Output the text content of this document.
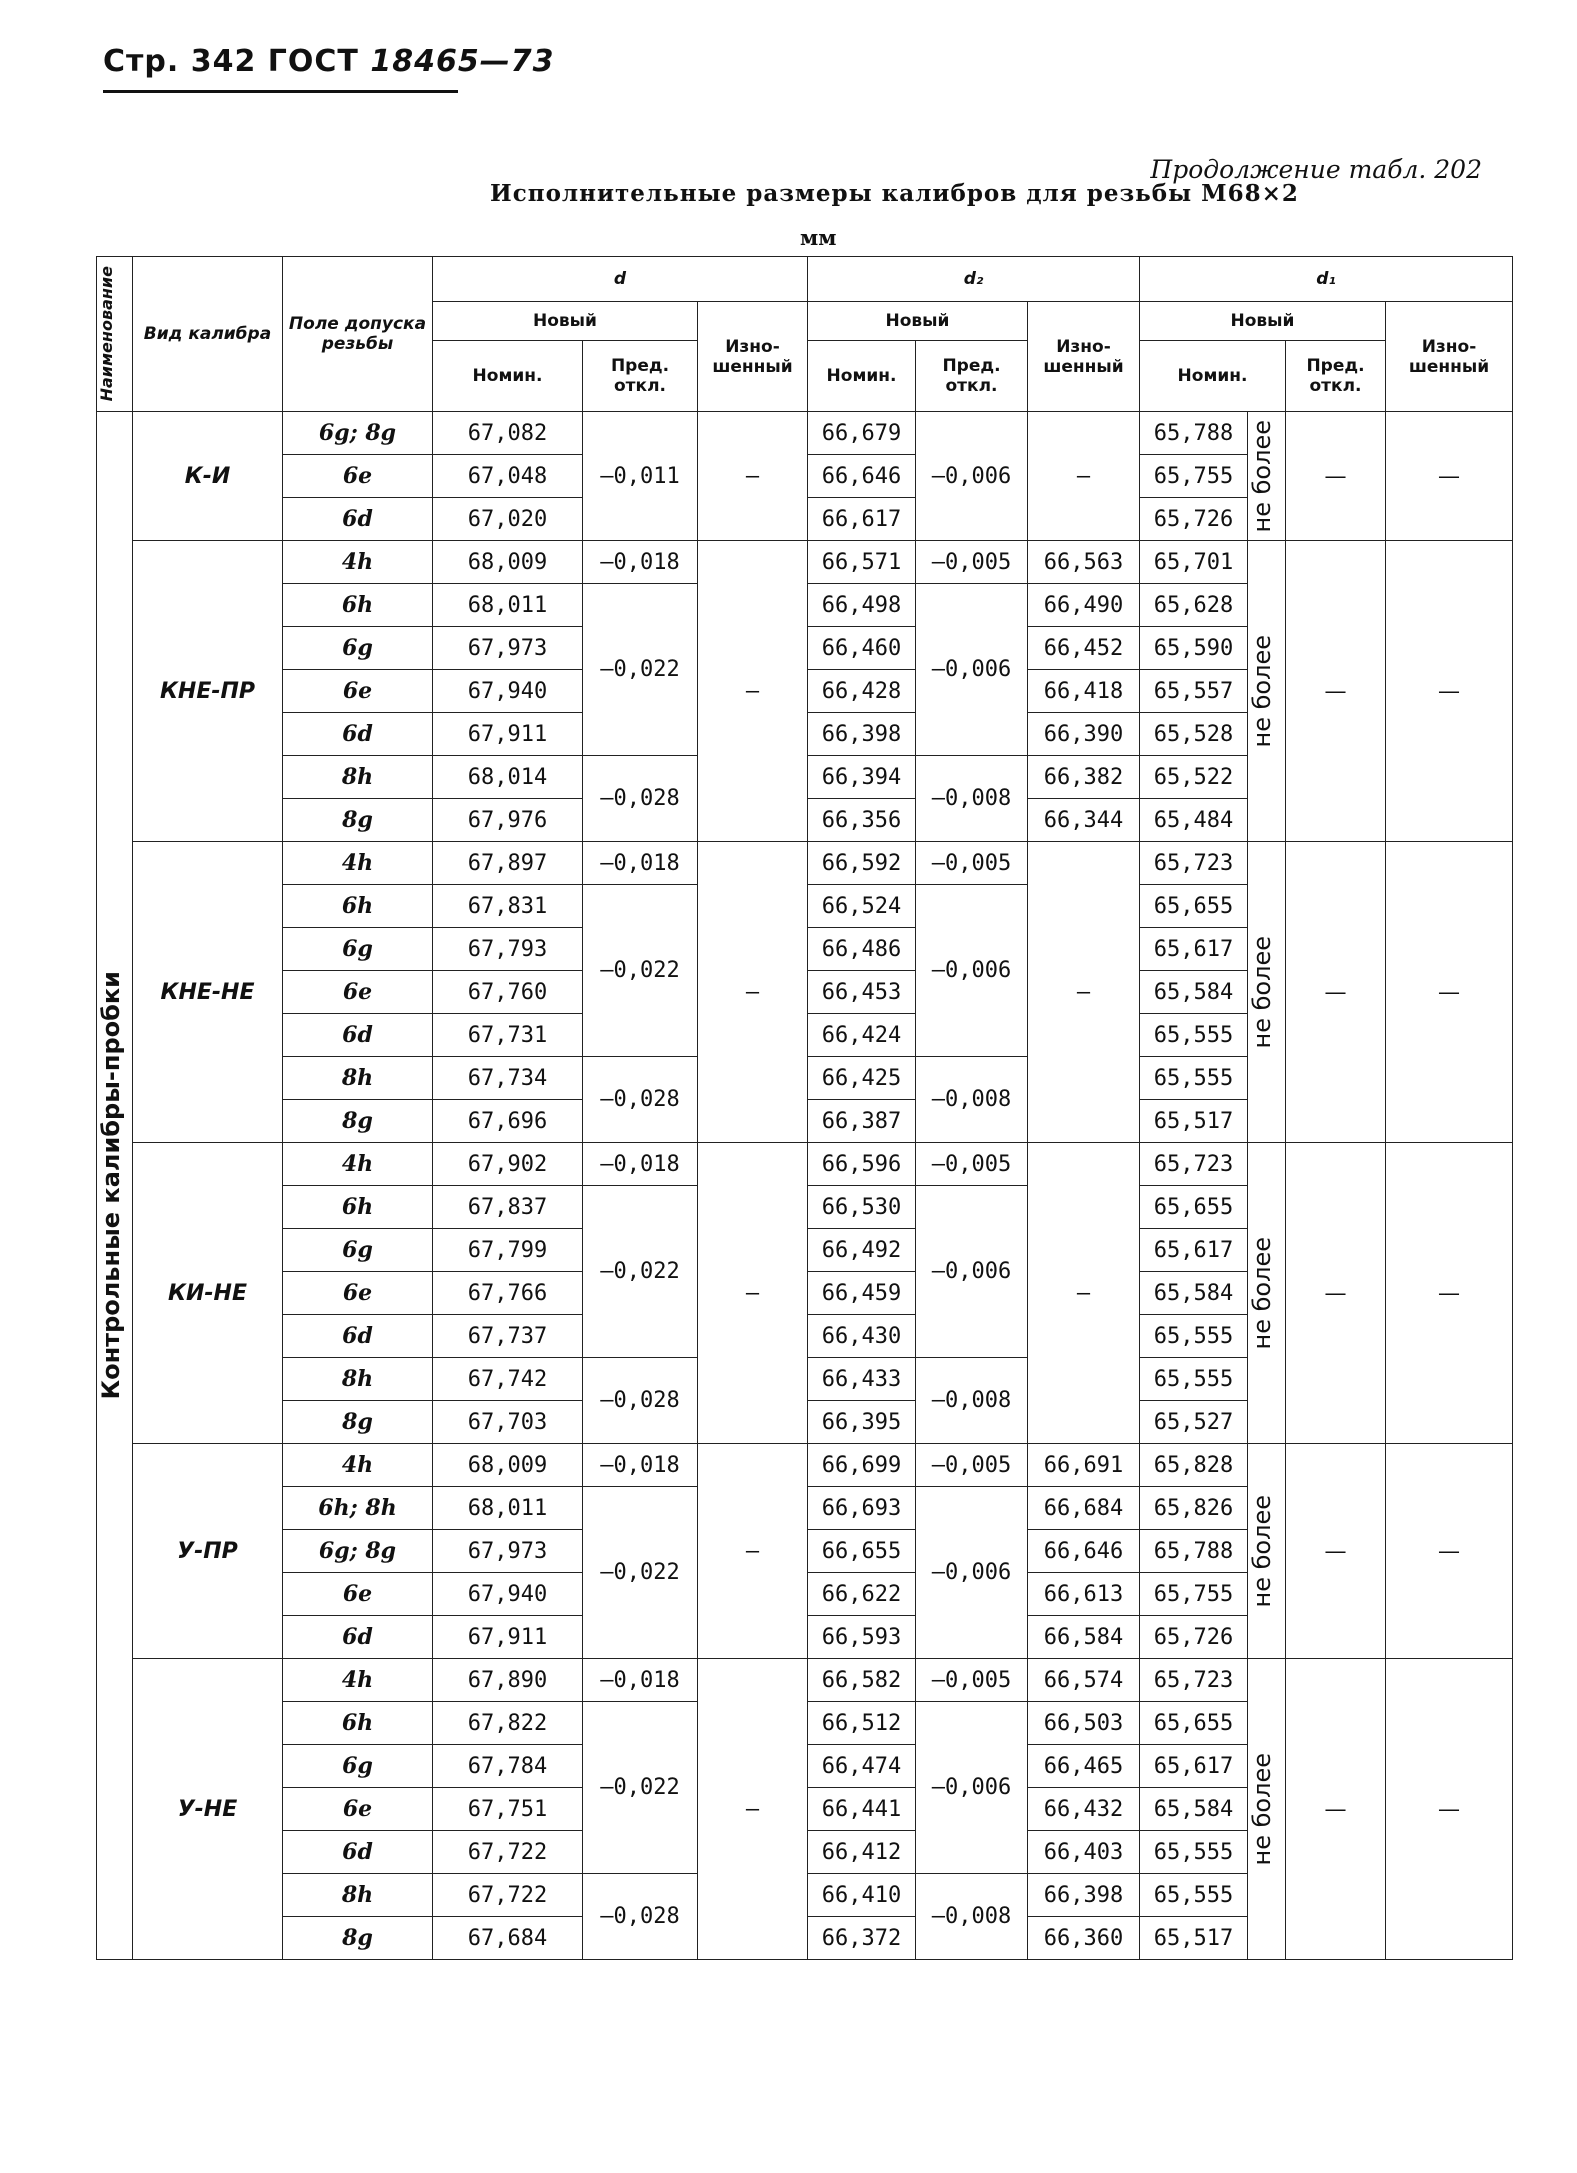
Стр. 342 ГОСТ 18465—73
Продолжение табл. 202
Исполнительные размеры калибров для резьбы М68×2
мм
Наименование	Вид калибра	Поле допуска резьбы	d			d₂			d₁			
			Новый		Изно-шенный	Новый		Изно-шенный	Новый			Изно-шенный
			Номин.	Пред. откл.		Номин.	Пред. откл.		Номин.		Пред. откл.	

Контрольные калибры-пробки	К-И	6g; 8g	67,082	—0,011	—	66,679	—0,006	—	65,788	не более	—	—
		6e	67,048			66,646			65,755			
		6d	67,020			66,617			65,726			
	КНЕ-ПР	4h	68,009	—0,018	—	66,571	—0,005	66,563	65,701	не более	—	—
		6h	68,011	—0,022		66,498	—0,006	66,490	65,628			
		6g	67,973			66,460		66,452	65,590			
		6e	67,940			66,428		66,418	65,557			
		6d	67,911			66,398		66,390	65,528			
		8h	68,014	—0,028		66,394	—0,008	66,382	65,522			
		8g	67,976			66,356		66,344	65,484			
	КНЕ-НЕ	4h	67,897	—0,018	—	66,592	—0,005	—	65,723	не более	—	—
		6h	67,831	—0,022		66,524	—0,006		65,655			
		6g	67,793			66,486			65,617			
		6e	67,760			66,453			65,584			
		6d	67,731			66,424			65,555			
		8h	67,734	—0,028		66,425	—0,008		65,555			
		8g	67,696			66,387			65,517			
	КИ-НЕ	4h	67,902	—0,018	—	66,596	—0,005	—	65,723	не более	—	—
		6h	67,837	—0,022		66,530	—0,006		65,655			
		6g	67,799			66,492			65,617			
		6e	67,766			66,459			65,584			
		6d	67,737			66,430			65,555			
		8h	67,742	—0,028		66,433	—0,008		65,555			
		8g	67,703			66,395			65,527			
	У-ПР	4h	68,009	—0,018	—	66,699	—0,005	66,691	65,828	не более	—	—
		6h; 8h	68,011	—0,022		66,693	—0,006	66,684	65,826			
		6g; 8g	67,973			66,655		66,646	65,788			
		6e	67,940			66,622		66,613	65,755			
		6d	67,911			66,593		66,584	65,726			
	У-НЕ	4h	67,890	—0,018	—	66,582	—0,005	66,574	65,723	не более	—	—
		6h	67,822	—0,022		66,512	—0,006	66,503	65,655			
		6g	67,784			66,474		66,465	65,617			
		6e	67,751			66,441		66,432	65,584			
		6d	67,722			66,412		66,403	65,555			
		8h	67,722	—0,028		66,410	—0,008	66,398	65,555			
		8g	67,684			66,372		66,360	65,517			
